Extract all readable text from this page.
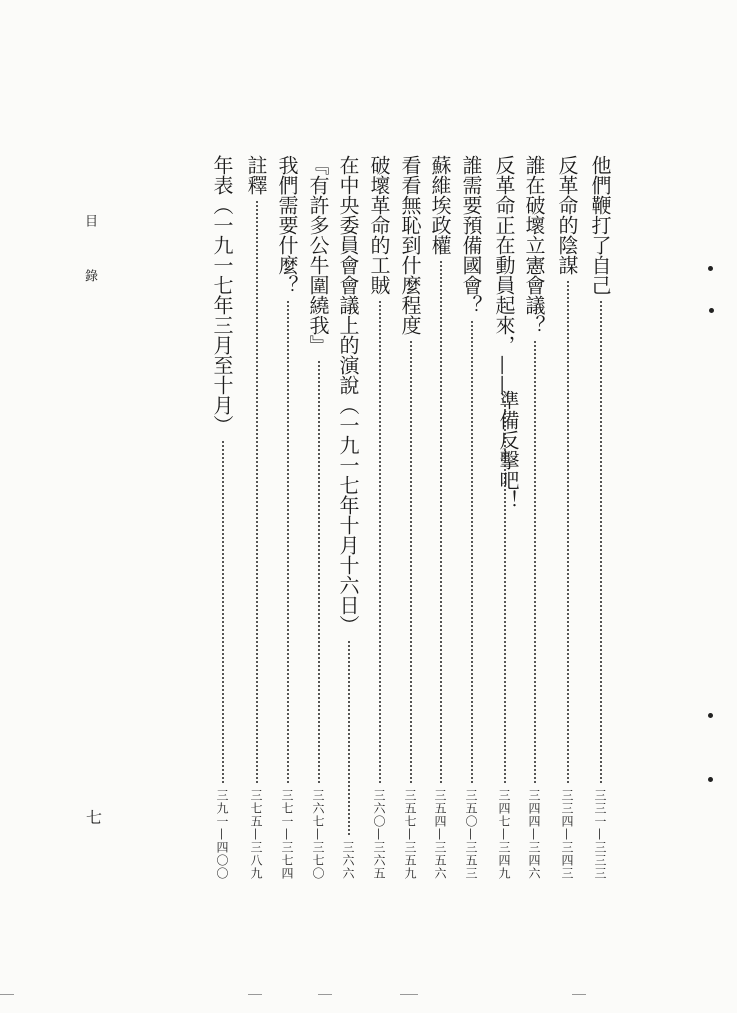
目錄
七
他們鞭打了自己
三三一—三三三
反革命的陰謀
三三四—三四三
誰在破壞立憲會議？
三四四—三四六
反革命正在動員起來，——
三四七—三四九
準備反擊吧！
誰需要預備國會？
三五〇—三五三
蘇維埃政權
三五四—三五六
看看無恥到什麼程度
三五七—三五九
破壞革命的工賊
三六〇—三六五
在中央委員會會議上的演說（一九一七年十月十六日）
三六六
『有許多公牛圍繞我』
三六七—三七〇
我們需要什麼？
三七一—三七四
註釋
三七五—三八九
年表（一九一七年三月至十月）
三九一—四〇〇
